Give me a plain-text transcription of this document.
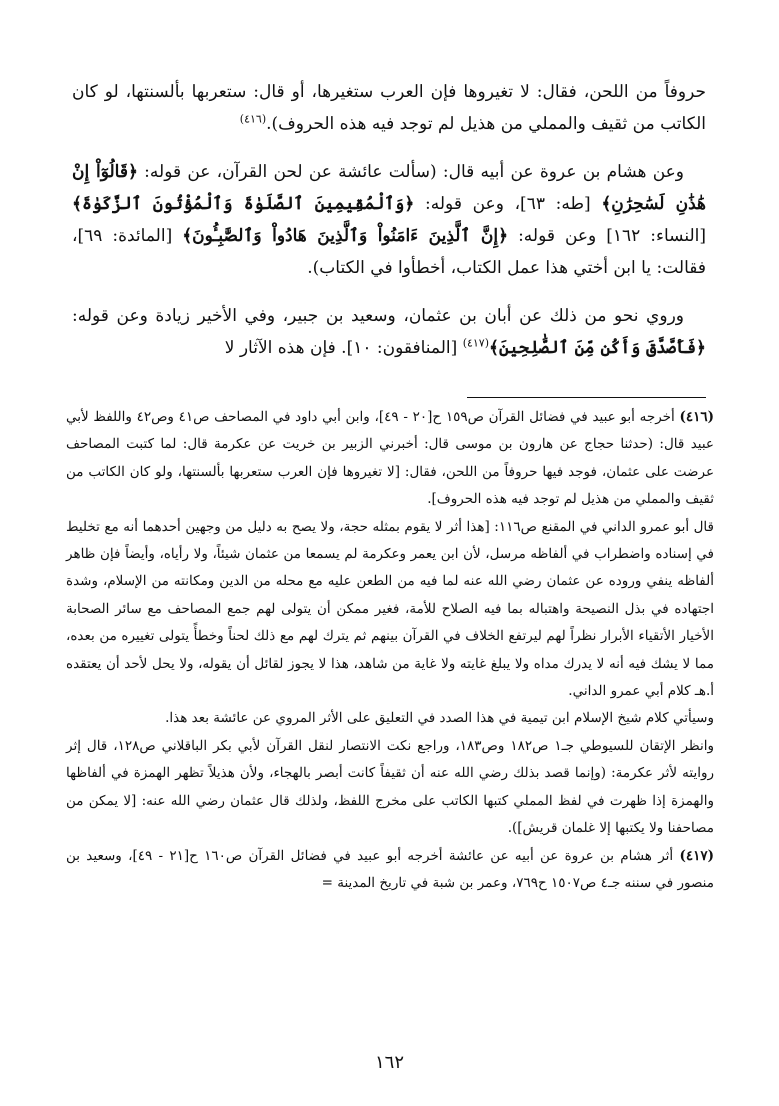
حروفاً من اللحن، فقال: لا تغيروها فإن العرب ستغيرها، أو قال: ستعربها بألسنتها، لو كان الكاتب من ثقيف والمملي من هذيل لم توجد فيه هذه الحروف).$^{(٤١٦)}$

وعن هشام بن عروة عن أبيه قال: (سألت عائشة عن لحن القرآن، عن قوله: ﴿قَالُوٓاْ إِنْ هَٰذَٰنِ لَسَٰحِرَٰنِ﴾ [طه: ٦٣]، وعن قوله: ﴿وَٱلْمُقِيمِينَ ٱلصَّلَوٰةَ وَٱلْمُؤْتُونَ ٱلزَّكَوٰةَ﴾ [النساء: ١٦٢] وعن قوله: ﴿إِنَّ ٱلَّذِينَ ءَامَنُواْ وَٱلَّذِينَ هَادُواْ وَٱلصَّٰبِـُٔونَ﴾ [المائدة: ٦٩]، فقالت: يا ابن أختي هذا عمل الكتاب، أخطأوا في الكتاب).

وروي نحو من ذلك عن أبان بن عثمان، وسعيد بن جبير، وفي الأخير زيادة وعن قوله: ﴿فَأَصَّدَّقَ وَأَكُن مِّنَ ٱلصَّٰلِحِينَ﴾$^{(٤١٧)}$ [المنافقون: ١٠]. فإن هذه الآثار لا

(٤١٦) أخرجه أبو عبيد في فضائل القرآن ص١٥٩ ح[٢٠ - ٤٩]، وابن أبي داود في المصاحف ص٤١ وص٤٢ واللفظ لأبي عبيد قال: (حدثنا حجاج عن هارون بن موسى قال: أخبرني الزبير بن خريت عن عكرمة قال: لما كتبت المصاحف عرضت على عثمان، فوجد فيها حروفاً من اللحن، فقال: [لا تغيروها فإن العرب ستعربها بألسنتها، ولو كان الكاتب من ثقيف والمملي من هذيل لم توجد فيه هذه الحروف].

قال أبو عمرو الداني في المقنع ص١١٦: [هذا أثر لا يقوم بمثله حجة، ولا يصح به دليل من وجهين أحدهما أنه مع تخليط في إسناده واضطراب في ألفاظه مرسل، لأن ابن يعمر وعكرمة لم يسمعا من عثمان شيئاً، ولا رأياه، وأيضاً فإن ظاهر ألفاظه ينفي وروده عن عثمان رضي الله عنه لما فيه من الطعن عليه مع محله من الدين ومكانته من الإسلام، وشدة اجتهاده في بذل النصيحة واهتباله بما فيه الصلاح للأمة، فغير ممكن أن يتولى لهم جمع المصاحف مع سائر الصحابة الأخيار الأتقياء الأبرار نظراً لهم ليرتفع الخلاف في القرآن بينهم ثم يترك لهم مع ذلك لحناً وخطأً يتولى تغييره من بعده، مما لا يشك فيه أنه لا يدرك مداه ولا يبلغ غايته ولا غاية من شاهد، هذا لا يجوز لقائل أن يقوله، ولا يحل لأحد أن يعتقده أ.هـ كلام أبي عمرو الداني.

وسيأتي كلام شيخ الإسلام ابن تيمية في هذا الصدد في التعليق على الأثر المروي عن عائشة بعد هذا.

وانظر الإتقان للسيوطي جـ١ ص١٨٢ وص١٨٣، وراجع نكت الانتصار لنقل القرآن لأبي بكر الباقلاني ص١٢٨، قال إثر روايته لأثر عكرمة: (وإنما قصد بذلك رضي الله عنه أن ثقيفاً كانت أبصر بالهجاء، ولأن هذيلاً تظهر الهمزة في ألفاظها والهمزة إذا ظهرت في لفظ المملي كتبها الكاتب على مخرج اللفظ، ولذلك قال عثمان رضي الله عنه: [لا يمكن من مصاحفنا ولا يكتبها إلا غلمان قريش]).

(٤١٧) أثر هشام بن عروة عن أبيه عن عائشة أخرجه أبو عبيد في فضائل القرآن ص١٦٠ ح[٢١ - ٤٩]، وسعيد بن منصور في سننه جـ٤ ص١٥٠٧ ح٧٦٩، وعمر بن شبة في تاريخ المدينة =

١٦٢
